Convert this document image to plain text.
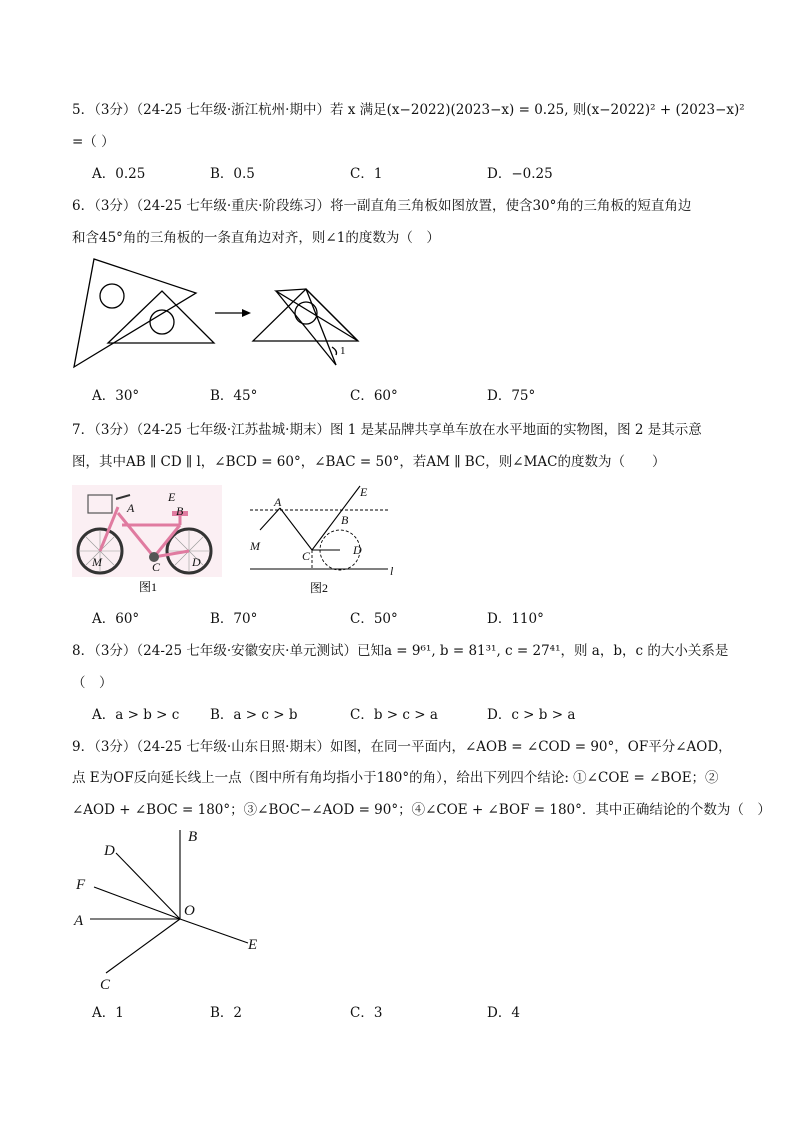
5．（3分）（24-25 七年级·浙江杭州·期中）若 x 满足(x−2022)(2023−x) = 0.25, 则(x−2022)² + (2023−x)²
=（ ）
A．0.25	B．0.5	C．1	D．−0.25
6．（3分）（24-25 七年级·重庆·阶段练习）将一副直角三角板如图放置，使含30°角的三角板的短直角边
和含45°角的三角板的一条直角边对齐，则∠1的度数为（　）
1
A．30°	B．45°	C．60°	D．75°
7．（3分）（24-25 七年级·江苏盐城·期末）图 1 是某品牌共享单车放在水平地面的实物图，图 2 是其示意
图，其中AB ∥ CD ∥ l，∠BCD = 60°，∠BAC = 50°，若AM ∥ BC，则∠MAC的度数为（　　）
E
A	B
M	C	D
图1
A
E
B
M
C	D
l
图2
A．60°	B．70°	C．50°	D．110°
8．（3分）（24-25 七年级·安徽安庆·单元测试）已知a = 9⁶¹, b = 81³¹, c = 27⁴¹，则 a，b，c 的大小关系是
（　）
A．a > b > c B．a > c > b	C．b > c > a	D．c > b > a
9．（3分）（24-25 七年级·山东日照·期末）如图，在同一平面内，∠AOB = ∠COD = 90°，OF平分∠AOD，
点 E为OF反向延长线上一点（图中所有角均指小于180°的角），给出下列四个结论: ①∠COE = ∠BOE；②
∠AOD + ∠BOC = 180°；③∠BOC−∠AOD = 90°；④∠COE + ∠BOF = 180°．其中正确结论的个数为（　）
B
D
F
O
A
E
C
A．1	B．2	C．3	D．4
